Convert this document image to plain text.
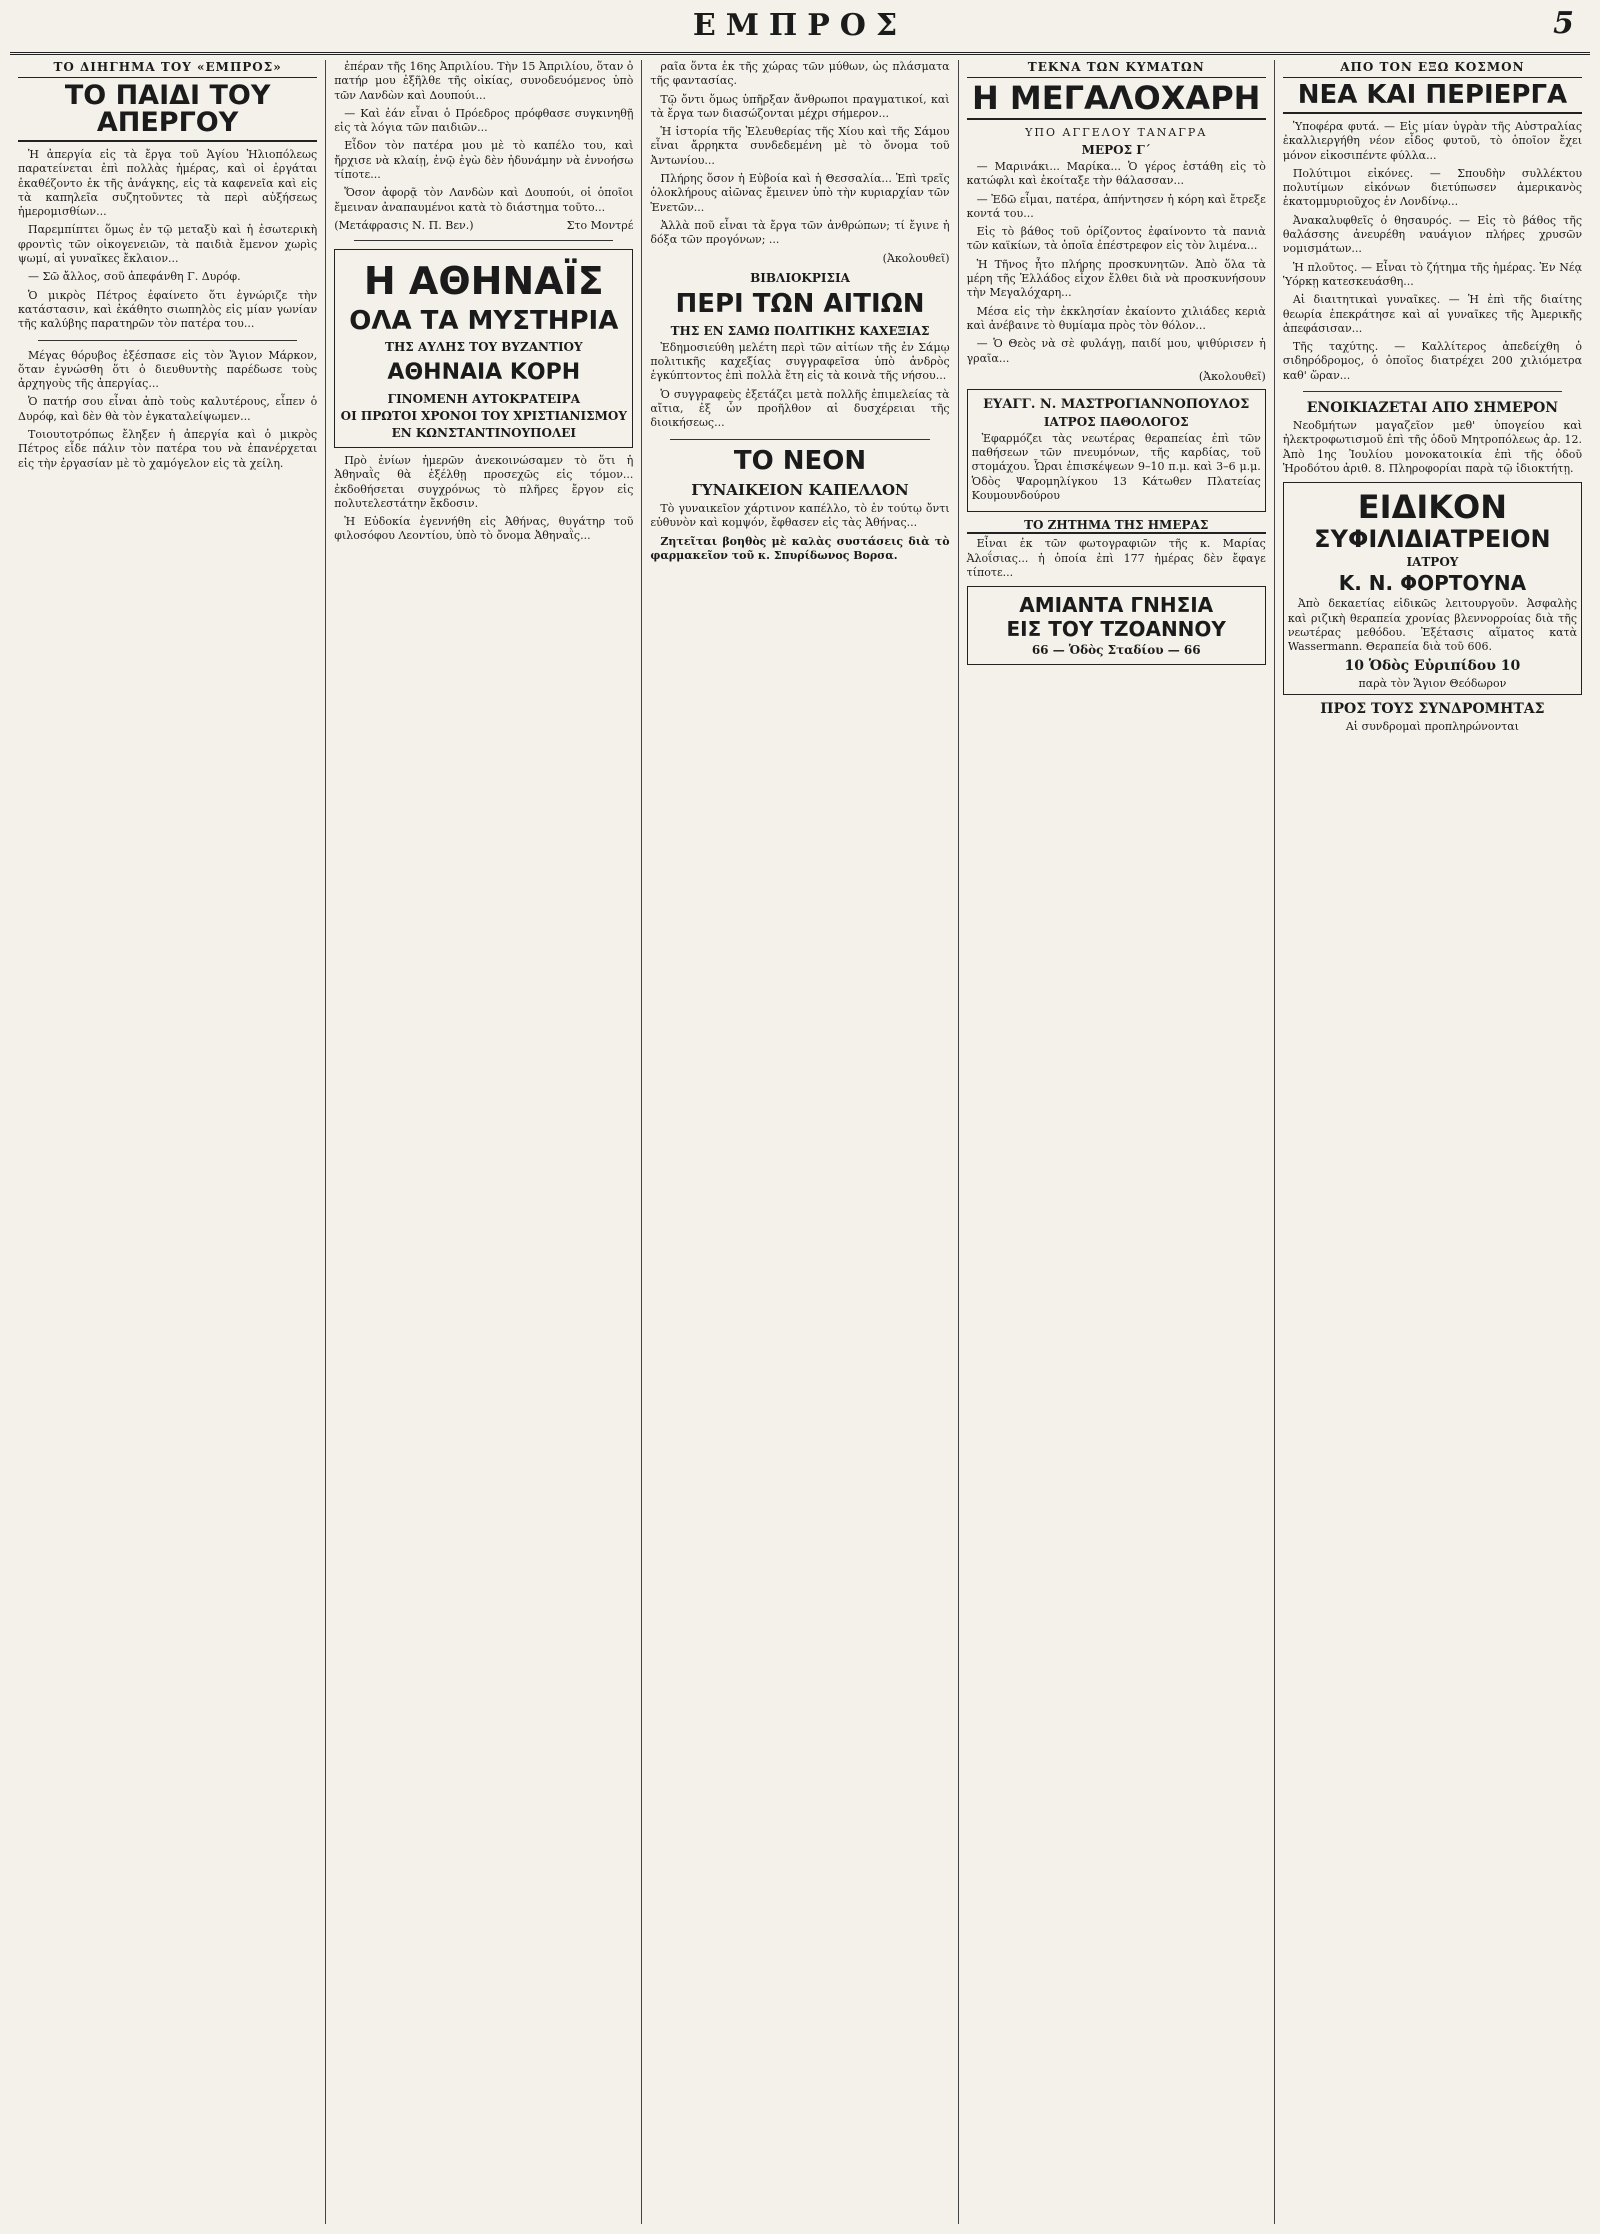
ΕΜΠΡΟΣ	5
ΤΟ ΔΙΗΓΗΜΑ ΤΟΥ «ΕΜΠΡΟΣ»
ΤΟ ΠΑΙΔΙ ΤΟΥ ΑΠΕΡΓΟΥ

Ἡ ἀπεργία εἰς τὰ ἔργα τοῦ Ἁγίου Ἠλιοπόλεως παρατείνεται ἐπὶ πολλὰς ἡμέρας, καὶ οἱ ἐργάται ἐκαθέζοντο ἐκ τῆς ἀνάγκης, εἰς τὰ καφενεῖα καὶ εἰς τὰ καπηλεῖα συζητοῦντες τὰ περὶ αὐξήσεως ἡμερομισθίων...

Παρεμπίπτει ὅμως ἐν τῷ μεταξὺ καὶ ἡ ἐσωτερικὴ φροντὶς τῶν οἰκογενειῶν, τὰ παιδιὰ ἔμενον χωρὶς ψωμί, αἱ γυναῖκες ἔκλαιον...

— Σῶ ἄλλος, σοῦ ἀπεφάνθη Γ. Δυρόφ.

Ὁ μικρὸς Πέτρος ἐφαίνετο ὅτι ἐγνώριζε τὴν κατάστασιν, καὶ ἐκάθητο σιωπηλὸς εἰς μίαν γωνίαν τῆς καλύβης παρατηρῶν τὸν πατέρα του...

Μέγας θόρυβος ἐξέσπασε εἰς τὸν Ἅγιον Μάρκον, ὅταν ἐγνώσθη ὅτι ὁ διευθυντὴς παρέδωσε τοὺς ἀρχηγοὺς τῆς ἀπεργίας...

Ὁ πατήρ σου εἶναι ἀπὸ τοὺς καλυτέρους, εἶπεν ὁ Δυρόφ, καὶ δὲν θὰ τὸν ἐγκαταλείψωμεν...

Τοιουτοτρόπως ἔληξεν ἡ ἀπεργία καὶ ὁ μικρὸς Πέτρος εἶδε πάλιν τὸν πατέρα του νὰ ἐπανέρχεται εἰς τὴν ἐργασίαν μὲ τὸ χαμόγελον εἰς τὰ χείλη.

ἐπέραν τῆς 16ης Ἀπριλίου. Τὴν 15 Ἀπριλίου, ὅταν ὁ πατήρ μου ἐξῆλθε τῆς οἰκίας, συνοδευόμενος ὑπὸ τῶν Λανδὼν καὶ Δουπούι...

— Καὶ ἐάν εἶναι ὁ Πρόεδρος πρόφθασε συγκινηθῇ εἰς τὰ λόγια τῶν παιδιῶν...

Εἶδον τὸν πατέρα μου μὲ τὸ καπέλο του, καὶ ἤρχισε νὰ κλαίῃ, ἐνῷ ἐγὼ δὲν ἠδυνάμην νὰ ἐννοήσω τίποτε...

Ὅσον ἀφορᾷ τὸν Λανδὼν καὶ Δουπούι, οἱ ὁποῖοι ἔμειναν ἀναπαυμένοι κατὰ τὸ διάστημα τοῦτο...

(Μετάφρασις Ν. Π. Βεν.)	Στο Μοντρέ
Η ΑΘΗΝΑΪΣ
ΟΛΑ ΤΑ ΜΥΣΤΗΡΙΑ
ΤΗΣ ΑΥΛΗΣ ΤΟΥ ΒΥΖΑΝΤΙΟΥ
ΑΘΗΝΑΙΑ ΚΟΡΗ
ΓΙΝΟΜΕΝΗ ΑΥΤΟΚΡΑΤΕΙΡΑ
ΟΙ ΠΡΩΤΟΙ ΧΡΟΝΟΙ ΤΟΥ ΧΡΙΣΤΙΑΝΙΣΜΟΥ
ΕΝ ΚΩΝΣΤΑΝΤΙΝΟΥΠΟΛΕΙ

Πρὸ ἐνίων ἡμερῶν ἀνεκοινώσαμεν τὸ ὅτι ἡ Ἀθηναῒς θὰ ἐξέλθῃ προσεχῶς εἰς τόμον... ἐκδοθήσεται συγχρόνως τὸ πλῆρες ἔργον εἰς πολυτελεστάτην ἔκδοσιν.

Ἡ Εὐδοκία ἐγεννήθη εἰς Ἀθήνας, θυγάτηρ τοῦ φιλοσόφου Λεοντίου, ὑπὸ τὸ ὄνομα Ἀθηναῒς...

ραῖα ὅντα ἐκ τῆς χώρας τῶν μύθων, ὡς πλάσματα τῆς φαντασίας.

Τῷ ὄντι ὅμως ὑπῆρξαν ἄνθρωποι πραγματικοί, καὶ τὰ ἔργα των διασώζονται μέχρι σήμερον...

Ἡ ἱστορία τῆς Ἐλευθερίας τῆς Χίου καὶ τῆς Σάμου εἶναι ἄρρηκτα συνδεδεμένη μὲ τὸ ὄνομα τοῦ Ἀντωνίου...

Πλήρης ὅσον ἡ Εὐβοία καὶ ἡ Θεσσαλία... Ἐπὶ τρεῖς ὁλοκλήρους αἰῶνας ἔμεινεν ὑπὸ τὴν κυριαρχίαν τῶν Ἑνετῶν...

Ἀλλὰ ποῦ εἶναι τὰ ἔργα τῶν ἀνθρώπων; τί ἔγινε ἡ δόξα τῶν προγόνων; ...

(Ἀκολουθεῖ)
ΒΙΒΛΙΟΚΡΙΣΙΑ
ΠΕΡΙ ΤΩΝ ΑΙΤΙΩΝ
ΤΗΣ ΕΝ ΣΑΜΩ ΠΟΛΙΤΙΚΗΣ ΚΑΧΕΞΙΑΣ

Ἐδημοσιεύθη μελέτη περὶ τῶν αἰτίων τῆς ἐν Σάμῳ πολιτικῆς καχεξίας συγγραφεῖσα ὑπὸ ἀνδρὸς ἐγκύπτοντος ἐπὶ πολλὰ ἔτη εἰς τὰ κοινὰ τῆς νήσου...

Ὁ συγγραφεὺς ἐξετάζει μετὰ πολλῆς ἐπιμελείας τὰ αἴτια, ἐξ ὧν προῆλθον αἱ δυσχέρειαι τῆς διοικήσεως...

ΤΟ ΝΕΟΝ
ΓΥΝΑΙΚΕΙΟΝ ΚΑΠΕΛΛΟΝ

Τὸ γυναικεῖον χάρτινον καπέλλο, τὸ ἐν τούτῳ ὄντι εὐθυνὸν καὶ κομψόν, ἔφθασεν εἰς τὰς Ἀθήνας...

Ζητεῖται βοηθὸς μὲ καλὰς συστάσεις διὰ τὸ φαρμακεῖον τοῦ κ. Σπυρίδωνος Βορσα.

ΤΕΚΝΑ ΤΩΝ ΚΥΜΑΤΩΝ
Η ΜΕΓΑΛΟΧΑΡΗ
ΥΠΟ ΑΓΓΕΛΟΥ ΤΑΝΑΓΡΑ
ΜΕΡΟΣ Γ΄

— Μαρινάκι... Μαρίκα... Ὁ γέρος ἐστάθη εἰς τὸ κατώφλι καὶ ἐκοίταξε τὴν θάλασσαν...

— Ἐδῶ εἶμαι, πατέρα, ἀπήντησεν ἡ κόρη καὶ ἔτρεξε κοντά του...

Εἰς τὸ βάθος τοῦ ὁρίζοντος ἐφαίνοντο τὰ πανιὰ τῶν καϊκίων, τὰ ὁποῖα ἐπέστρεφον εἰς τὸν λιμένα...

Ἡ Τῆνος ἦτο πλήρης προσκυνητῶν. Ἀπὸ ὅλα τὰ μέρη τῆς Ἑλλάδος εἶχον ἔλθει διὰ νὰ προσκυνήσουν τὴν Μεγαλόχαρη...

Μέσα εἰς τὴν ἐκκλησίαν ἐκαίοντο χιλιάδες κεριὰ καὶ ἀνέβαινε τὸ θυμίαμα πρὸς τὸν θόλον...

— Ὁ Θεὸς νὰ σὲ φυλάγῃ, παιδί μου, ψιθύρισεν ἡ γραῖα...

(Ἀκολουθεῖ)
ΕΥΑΓΓ. Ν. ΜΑΣΤΡΟΓΙΑΝΝΟΠΟΥΛΟΣ
ΙΑΤΡΟΣ ΠΑΘΟΛΟΓΟΣ

Ἐφαρμόζει τὰς νεωτέρας θεραπείας ἐπὶ τῶν παθήσεων τῶν πνευμόνων, τῆς καρδίας, τοῦ στομάχου. Ὧραι ἐπισκέψεων 9–10 π.μ. καὶ 3–6 μ.μ. Ὁδὸς Ψαρομηλίγκου 13 Κάτωθεν Πλατείας Κουμουνδούρου

ΤΟ ΖΗΤΗΜΑ ΤΗΣ ΗΜΕΡΑΣ

Εἶναι ἐκ τῶν φωτογραφιῶν τῆς κ. Μαρίας Ἀλοΐσιας... ἡ ὁποία ἐπὶ 177 ἡμέρας δὲν ἔφαγε τίποτε...

ΑΜΙΑΝΤΑ ΓΝΗΣΙΑ
ΕΙΣ ΤΟΥ ΤΖΟΑΝΝΟΥ
66 — Ὁδὸς Σταδίου — 66
ΑΠΟ ΤΟΝ ΕΞΩ ΚΟΣΜΟΝ
ΝΕΑ ΚΑΙ ΠΕΡΙΕΡΓΑ

Ὑποφέρα φυτά. — Εἰς μίαν ὑγρὰν τῆς Αὐστραλίας ἐκαλλιεργήθη νέον εἶδος φυτοῦ, τὸ ὁποῖον ἔχει μόνον εἰκοσιπέντε φύλλα...

Πολύτιμοι εἰκόνες. — Σπουδὴν συλλέκτου πολυτίμων εἰκόνων διετύπωσεν ἀμερικανὸς ἑκατομμυριοῦχος ἐν Λονδίνῳ...

Ἀνακαλυφθεῖς ὁ θησαυρός. — Εἰς τὸ βάθος τῆς θαλάσσης ἀνευρέθη ναυάγιον πλήρες χρυσῶν νομισμάτων...

Ἡ πλοῦτος. — Εἶναι τὸ ζήτημα τῆς ἡμέρας. Ἐν Νέᾳ Ὑόρκῃ κατεσκευάσθη...

Αἱ διαιτητικαὶ γυναῖκες. — Ἡ ἐπὶ τῆς διαίτης θεωρία ἐπεκράτησε καὶ αἱ γυναῖκες τῆς Ἀμερικῆς ἀπεφάσισαν...

Τῆς ταχύτης. — Καλλίτερος ἀπεδείχθη ὁ σιδηρόδρομος, ὁ ὁποῖος διατρέχει 200 χιλιόμετρα καθ' ὥραν...

ΕΝΟΙΚΙΑΖΕΤΑΙ ΑΠΟ ΣΗΜΕΡΟΝ

Νεοδμήτων μαγαζεῖον μεθ' ὑπογείου καὶ ἠλεκτροφωτισμοῦ ἐπὶ τῆς ὁδοῦ Μητροπόλεως ἀρ. 12. Ἀπὸ 1ης Ἰουλίου μονοκατοικία ἐπὶ τῆς ὁδοῦ Ἡροδότου ἀριθ. 8. Πληροφορίαι παρὰ τῷ ἰδιοκτήτῃ.

ΕΙΔΙΚΟΝ
ΣΥΦΙΛΙΔΙΑΤΡΕΙΟΝ
ΙΑΤΡΟΥ
Κ. Ν. ΦΟΡΤΟΥΝΑ

Ἀπὸ δεκαετίας εἰδικῶς λειτουργοῦν. Ἀσφαλὴς καὶ ριζικὴ θεραπεία χρονίας βλεννορροίας διὰ τῆς νεωτέρας μεθόδου. Ἐξέτασις αἵματος κατὰ Wassermann. Θεραπεία διὰ τοῦ 606.

10 Ὁδὸς Εὐριπίδου 10
παρὰ τὸν Ἅγιον Θεόδωρον
ΠΡΟΣ ΤΟΥΣ ΣΥΝΔΡΟΜΗΤΑΣ
Αἱ συνδρομαὶ προπληρώνονται
